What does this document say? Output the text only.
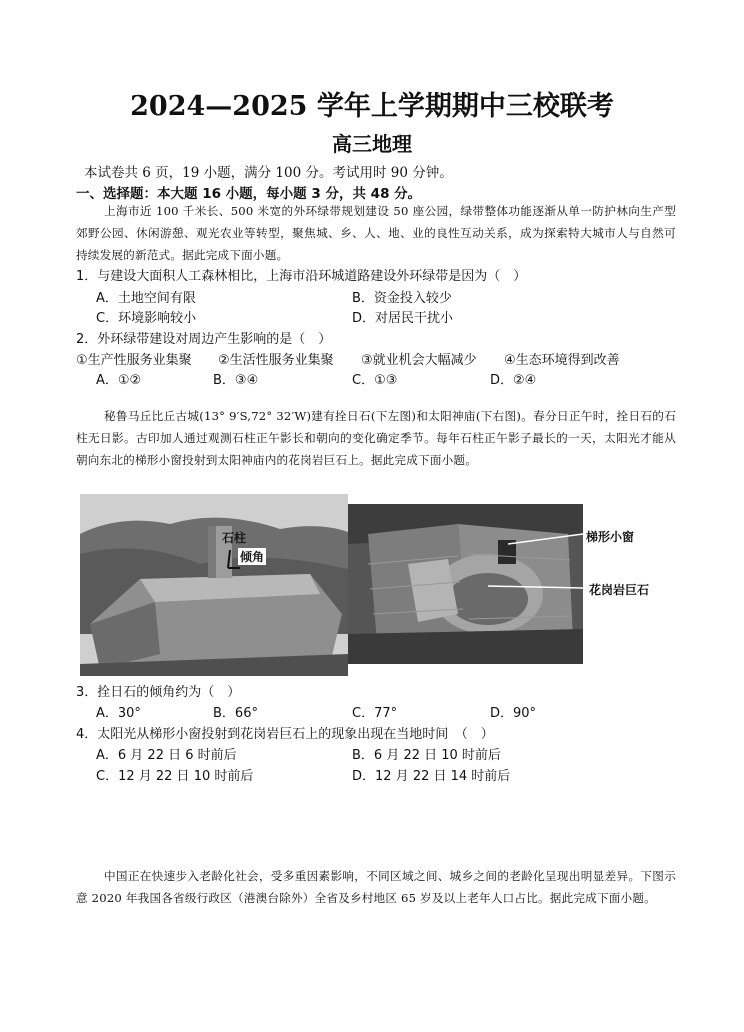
2024—2025 学年上学期期中三校联考
高三地理
本试卷共 6 页，19 小题，满分 100 分。考试用时 90 分钟。
一、选择题：本大题 16 小题，每小题 3 分，共 48 分。
上海市近 100 千米长、500 米宽的外环绿带规划建设 50 座公园，绿带整体功能逐渐从单一防护林向生产型郊野公园、休闲游憩、观光农业等转型，聚焦城、乡、人、地、业的良性互动关系，成为探索特大城市人与自然可持续发展的新范式。据此完成下面小题。
1．与建设大面积人工森林相比，上海市沿环城道路建设外环绿带是因为（　）
A．土地空间有限	B．资金投入较少
C．环境影响较小	D．对居民干扰小
2．外环绿带建设对周边产生影响的是（　）
①生产性服务业集聚 ②生活性服务业集聚 ③就业机会大幅减少 ④生态环境得到改善
A．①②	B．③④	C．①③	D．②④
秘鲁马丘比丘古城(13° 9′S,72° 32′W)建有拴日石(下左图)和太阳神庙(下右图)。春分日正午时，拴日石的石柱无日影。古印加人通过观测石柱正午影长和朝向的变化确定季节。每年石柱正午影子最长的一天，太阳光才能从朝向东北的梯形小窗投射到太阳神庙内的花岗岩巨石上。据此完成下面小题。
石柱
倾角
梯形小窗
花岗岩巨石
3．拴日石的倾角约为（　）
A．30°	B．66°	C．77°	D．90°
4．太阳光从梯形小窗投射到花岗岩巨石上的现象出现在当地时间　（　）
A．6 月 22 日 6 时前后	B．6 月 22 日 10 时前后
C．12 月 22 日 10 时前后	D．12 月 22 日 14 时前后
中国正在快速步入老龄化社会，受多重因素影响，不同区域之间、城乡之间的老龄化呈现出明显差异。下图示意 2020 年我国各省级行政区（港澳台除外）全省及乡村地区 65 岁及以上老年人口占比。据此完成下面小题。
